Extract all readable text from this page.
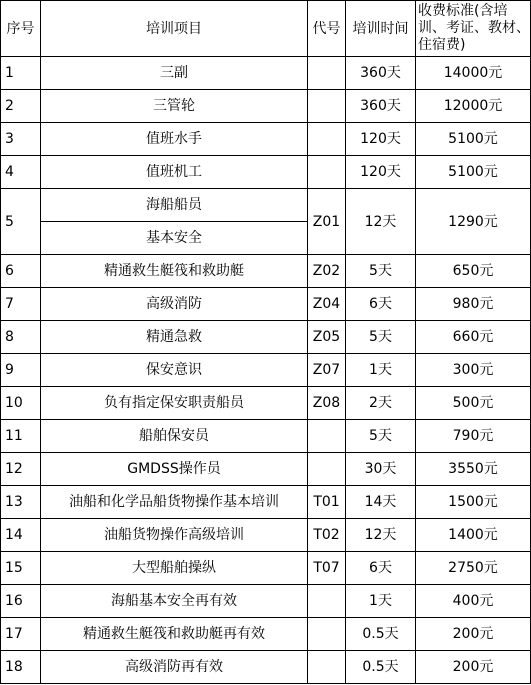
序号	培训项目	代号	培训时间	收费标准(含培训、考证、教材、住宿费)
1	三副		360天	14000元
2	三管轮		360天	12000元
3	值班水手		120天	5100元
4	值班机工		120天	5100元
5	海船船员	Z01	12天	1290元
	基本安全			
6	精通救生艇筏和救助艇	Z02	5天	650元
7	高级消防	Z04	6天	980元
8	精通急救	Z05	5天	660元
9	保安意识	Z07	1天	300元
10	负有指定保安职责船员	Z08	2天	500元
11	船舶保安员		5天	790元
12	GMDSS操作员		30天	3550元
13	油船和化学品船货物操作基本培训	T01	14天	1500元
14	油船货物操作高级培训	T02	12天	1400元
15	大型船舶操纵	T07	6天	2750元
16	海船基本安全再有效		1天	400元
17	精通救生艇筏和救助艇再有效		0.5天	200元
18	高级消防再有效		0.5天	200元
